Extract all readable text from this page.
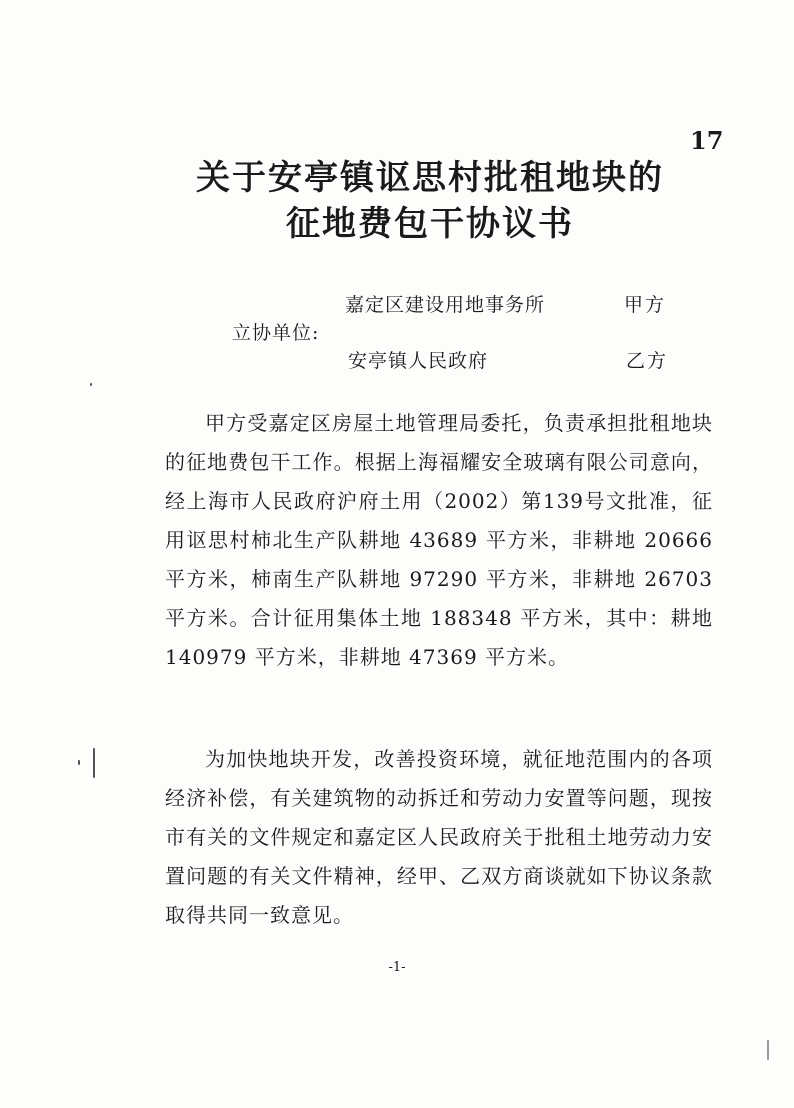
17
关于安亭镇讴思村批租地块的
征地费包干协议书
嘉定区建设用地事务所	甲方
立协单位:
安亭镇人民政府	乙方
甲方受嘉定区房屋土地管理局委托，负责承担批租地块的征地费包干工作。根据上海福耀安全玻璃有限公司意向，经上海市人民政府沪府土用（2002）第139号文批准，征用讴思村柿北生产队耕地 43689 平方米，非耕地 20666 平方米，柿南生产队耕地 97290 平方米，非耕地 26703 平方米。合计征用集体土地 188348 平方米，其中：耕地 140979 平方米，非耕地 47369 平方米。
为加快地块开发，改善投资环境，就征地范围内的各项经济补偿，有关建筑物的动拆迁和劳动力安置等问题，现按市有关的文件规定和嘉定区人民政府关于批租土地劳动力安置问题的有关文件精神，经甲、乙双方商谈就如下协议条款取得共同一致意见。
-1-
